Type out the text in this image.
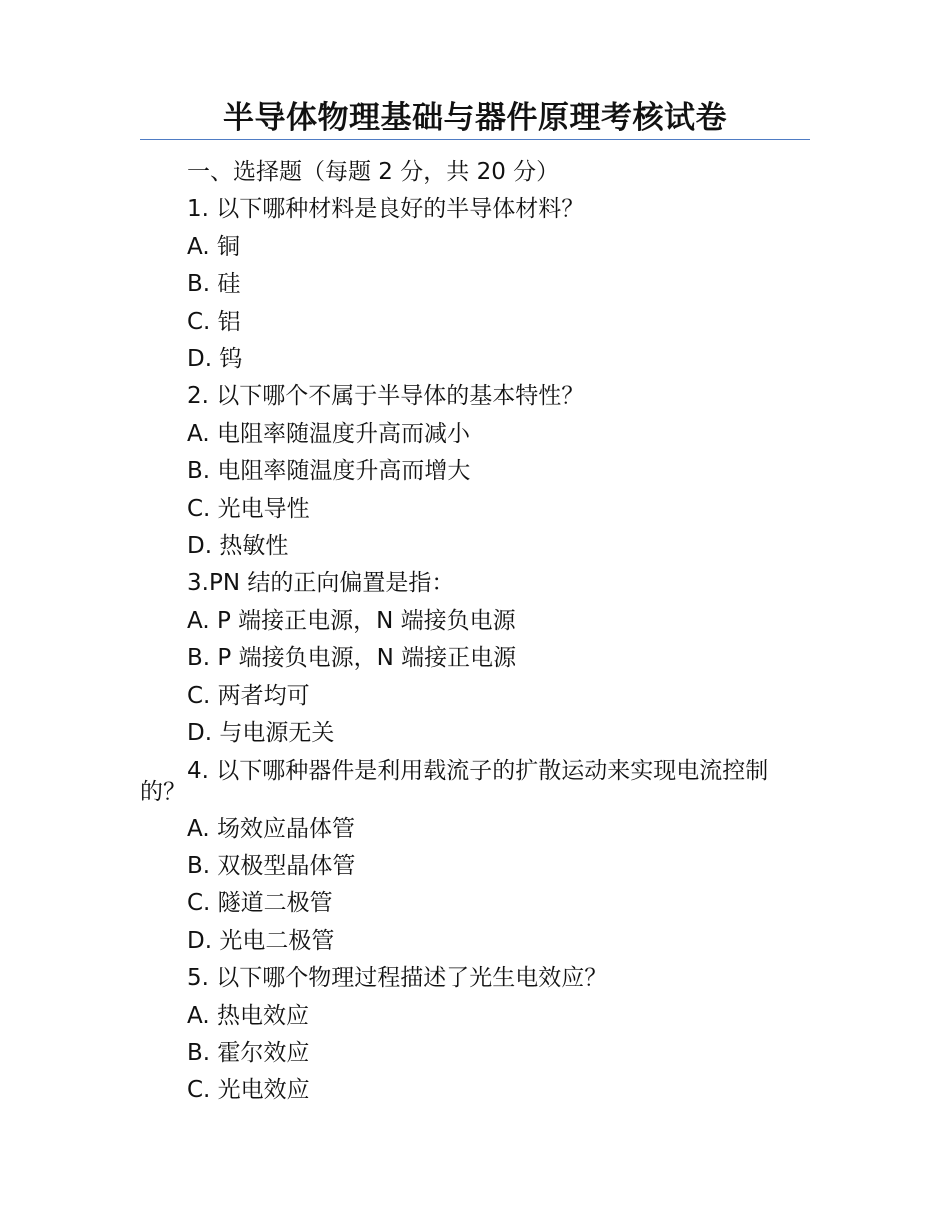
半导体物理基础与器件原理考核试卷
一、选择题（每题 2 分，共 20 分）
1. 以下哪种材料是良好的半导体材料？
A. 铜
B. 硅
C. 铝
D. 钨
2. 以下哪个不属于半导体的基本特性？
A. 电阻率随温度升高而减小
B. 电阻率随温度升高而增大
C. 光电导性
D. 热敏性
3.PN 结的正向偏置是指：
A. P 端接正电源，N 端接负电源
B. P 端接负电源，N 端接正电源
C. 两者均可
D. 与电源无关
4. 以下哪种器件是利用载流子的扩散运动来实现电流控制的？
A. 场效应晶体管
B. 双极型晶体管
C. 隧道二极管
D. 光电二极管
5. 以下哪个物理过程描述了光生电效应？
A. 热电效应
B. 霍尔效应
C. 光电效应
